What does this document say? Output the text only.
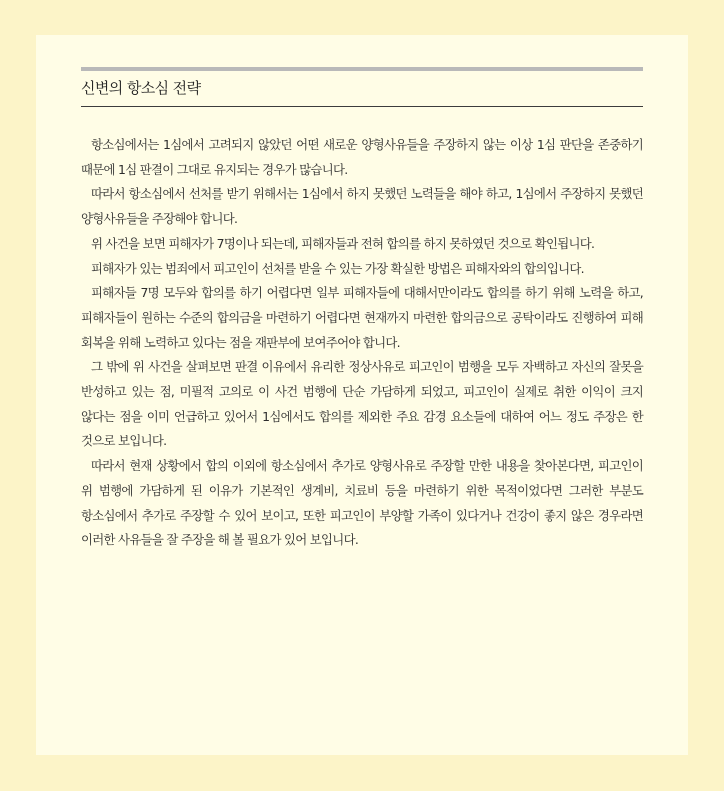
신변의 항소심 전략

항소심에서는 1심에서 고려되지 않았던 어떤 새로운 양형사유들을 주장하지 않는 이상 1심 판단을 존중하기 때문에 1심 판결이 그대로 유지되는 경우가 많습니다.

따라서 항소심에서 선처를 받기 위해서는 1심에서 하지 못했던 노력들을 해야 하고, 1심에서 주장하지 못했던 양형사유들을 주장해야 합니다.

위 사건을 보면 피해자가 7명이나 되는데, 피해자들과 전혀 합의를 하지 못하였던 것으로 확인됩니다.

피해자가 있는 범죄에서 피고인이 선처를 받을 수 있는 가장 확실한 방법은 피해자와의 합의입니다.

피해자들 7명 모두와 합의를 하기 어렵다면 일부 피해자들에 대해서만이라도 합의를 하기 위해 노력을 하고, 피해자들이 원하는 수준의 합의금을 마련하기 어렵다면 현재까지 마련한 합의금으로 공탁이라도 진행하여 피해 회복을 위해 노력하고 있다는 점을 재판부에 보여주어야 합니다.

그 밖에 위 사건을 살펴보면 판결 이유에서 유리한 정상사유로 피고인이 범행을 모두 자백하고 자신의 잘못을 반성하고 있는 점, 미필적 고의로 이 사건 범행에 단순 가담하게 되었고, 피고인이 실제로 취한 이익이 크지 않다는 점을 이미 언급하고 있어서 1심에서도 합의를 제외한 주요 감경 요소들에 대하여 어느 정도 주장은 한 것으로 보입니다.

따라서 현재 상황에서 합의 이외에 항소심에서 추가로 양형사유로 주장할 만한 내용을 찾아본다면, 피고인이 위 범행에 가담하게 된 이유가 기본적인 생계비, 치료비 등을 마련하기 위한 목적이었다면 그러한 부분도 항소심에서 추가로 주장할 수 있어 보이고, 또한 피고인이 부양할 가족이 있다거나 건강이 좋지 않은 경우라면 이러한 사유들을 잘 주장을 해 볼 필요가 있어 보입니다.
